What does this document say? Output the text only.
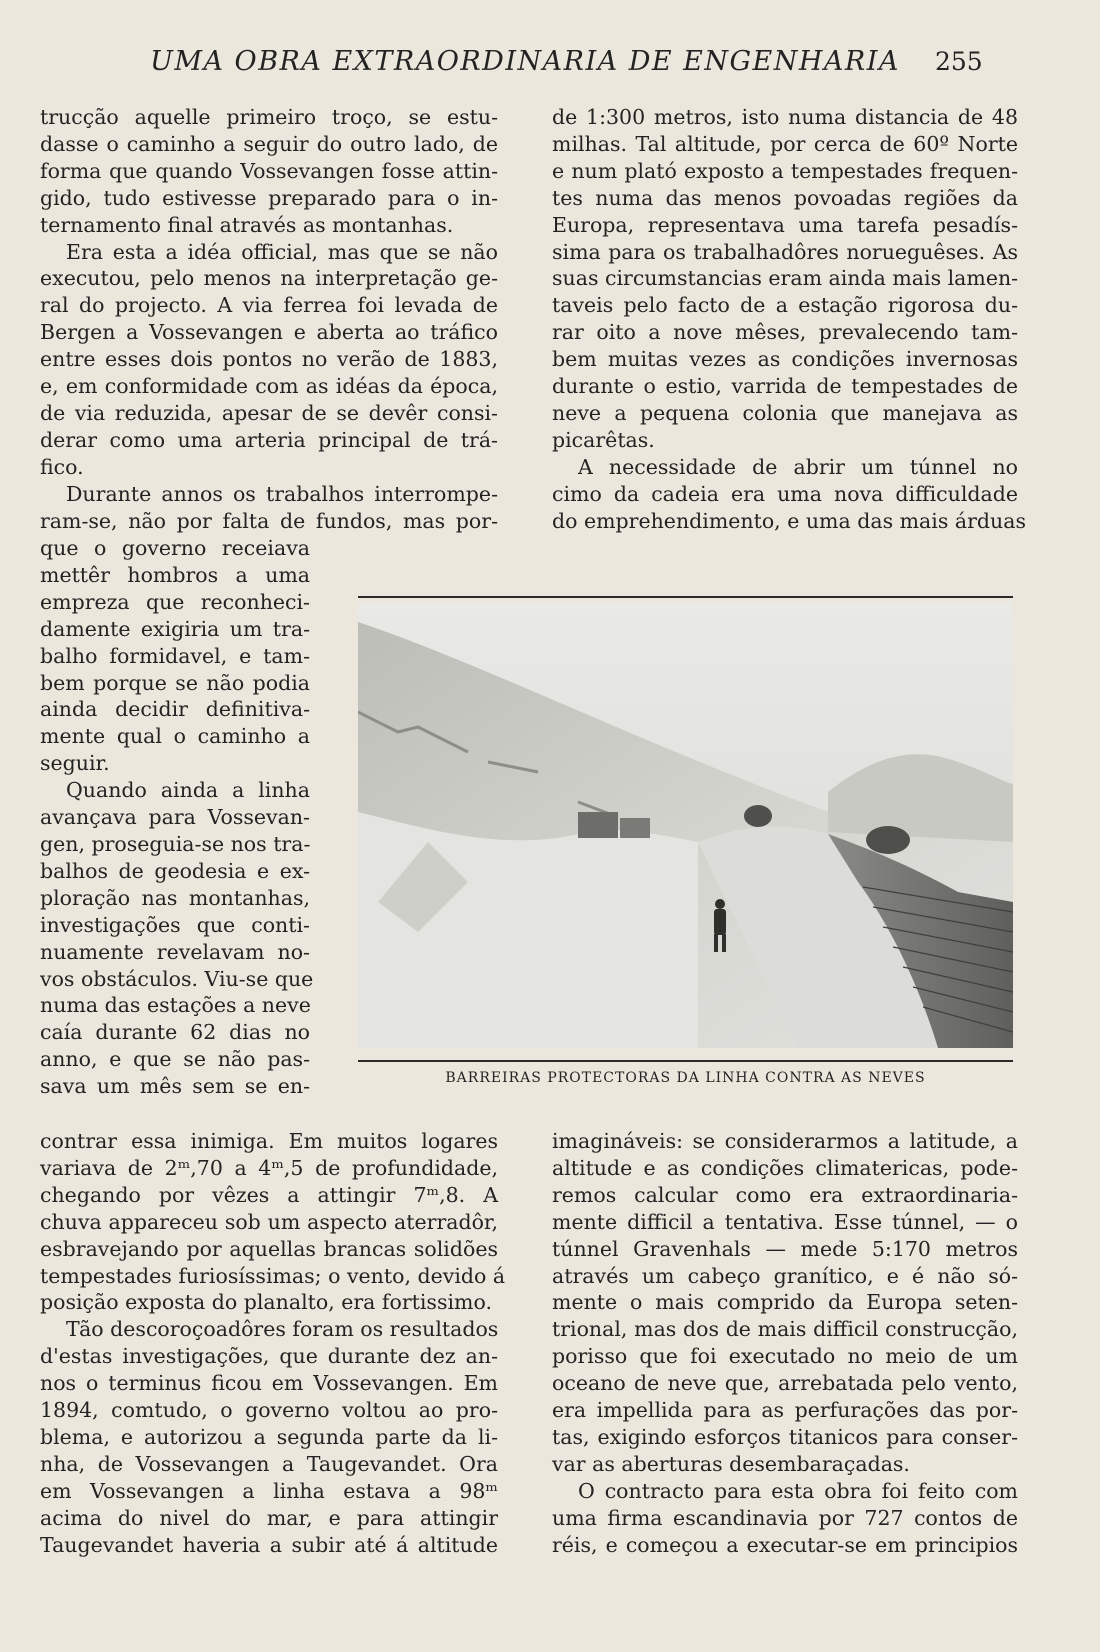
UMA OBRA EXTRAORDINARIA DE ENGENHARIA 255

trucção aquelle primeiro troço, se estu-

dasse o caminho a seguir do outro lado, de

forma que quando Vossevangen fosse attin-

gido, tudo estivesse preparado para o in-

ternamento final através as montanhas.

Era esta a idéa official, mas que se não

executou, pelo menos na interpretação ge-

ral do projecto. A via ferrea foi levada de

Bergen a Vossevangen e aberta ao tráfico

entre esses dois pontos no verão de 1883,

e, em conformidade com as idéas da época,

de via reduzida, apesar de se devêr consi-

derar como uma arteria principal de trá-

fico.

Durante annos os trabalhos interrompe-

ram-se, não por falta de fundos, mas por-

que o governo receiava

mettêr hombros a uma

empreza que reconheci-

damente exigiria um tra-

balho formidavel, e tam-

bem porque se não podia

ainda decidir definitiva-

mente qual o caminho a

seguir.

Quando ainda a linha

avançava para Vossevan-

gen, proseguia-se nos tra-

balhos de geodesia e ex-

ploração nas montanhas,

investigações que conti-

nuamente revelavam no-

vos obstáculos. Viu-se que

numa das estações a neve

caía durante 62 dias no

anno, e que se não pas-

sava um mês sem se en-

contrar essa inimiga. Em muitos logares

variava de 2ᵐ,70 a 4ᵐ,5 de profundidade,

chegando por vêzes a attingir 7ᵐ,8. A

chuva appareceu sob um aspecto aterradôr,

esbravejando por aquellas brancas solidões

tempestades furiosíssimas; o vento, devido á

posição exposta do planalto, era fortissimo.

Tão descoroçoadôres foram os resultados

d'estas investigações, que durante dez an-

nos o terminus ficou em Vossevangen. Em

1894, comtudo, o governo voltou ao pro-

blema, e autorizou a segunda parte da li-

nha, de Vossevangen a Taugevandet. Ora

em Vossevangen a linha estava a 98ᵐ

acima do nivel do mar, e para attingir

Taugevandet haveria a subir até á altitude

de 1:300 metros, isto numa distancia de 48

milhas. Tal altitude, por cerca de 60º Norte

e num plató exposto a tempestades frequen-

tes numa das menos povoadas regiões da

Europa, representava uma tarefa pesadís-

sima para os trabalhadôres norueguêses. As

suas circumstancias eram ainda mais lamen-

taveis pelo facto de a estação rigorosa du-

rar oito a nove mêses, prevalecendo tam-

bem muitas vezes as condições invernosas

durante o estio, varrida de tempestades de

neve a pequena colonia que manejava as

picarêtas.

A necessidade de abrir um túnnel no

cimo da cadeia era uma nova difficuldade

do emprehendimento, e uma das mais árduas

imagináveis: se considerarmos a latitude, a

altitude e as condições climatericas, pode-

remos calcular como era extraordinaria-

mente difficil a tentativa. Esse túnnel, — o

túnnel Gravenhals — mede 5:170 metros

através um cabeço granítico, e é não só-

mente o mais comprido da Europa seten-

trional, mas dos de mais difficil construcção,

porisso que foi executado no meio de um

oceano de neve que, arrebatada pelo vento,

era impellida para as perfurações das por-

tas, exigindo esforços titanicos para conser-

var as aberturas desembaraçadas.

O contracto para esta obra foi feito com

uma firma escandinavia por 727 contos de

réis, e começou a executar-se em principios

BARREIRAS PROTECTORAS DA LINHA CONTRA AS NEVES
